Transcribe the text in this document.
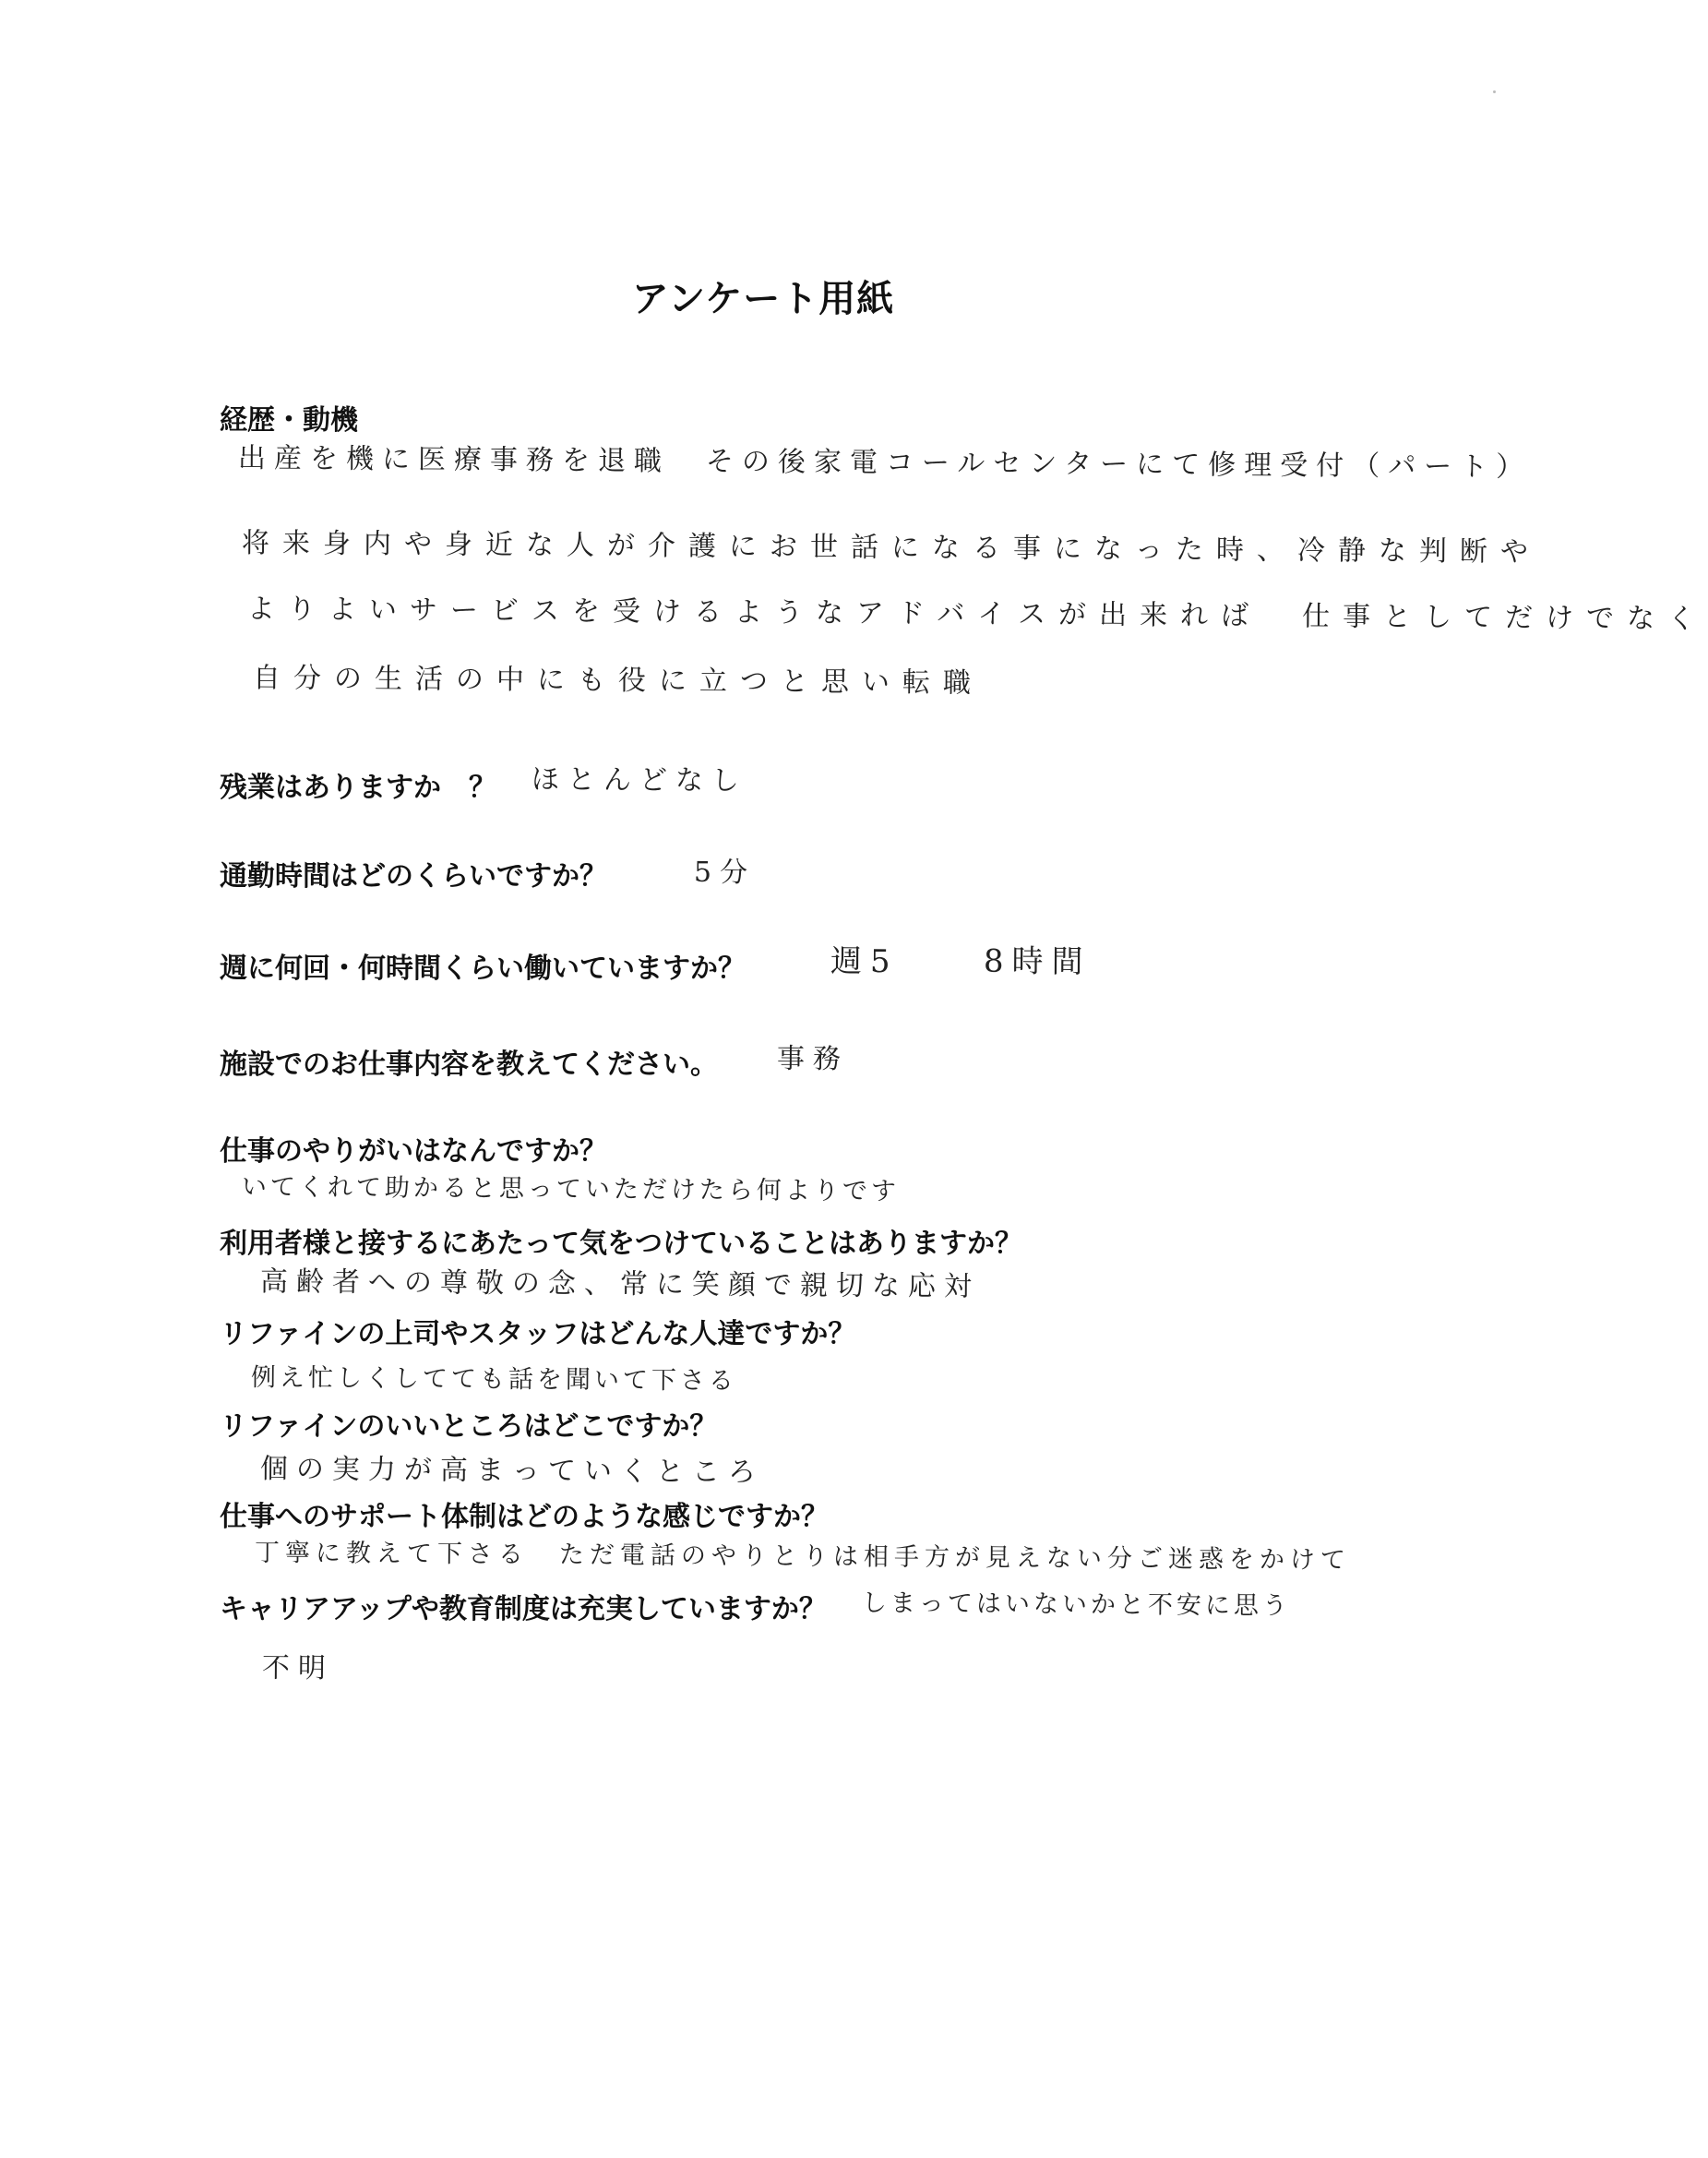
アンケート用紙
経歴・動機
出産を機に医療事務を退職　その後家電コールセンターにて修理受付（パート）
将来身内や身近な人が介護にお世話になる事になった時、冷静な判断や
よりよいサービスを受けるようなアドバイスが出来れば　仕事としてだけでなく
自分の生活の中にも役に立つと思い転職
残業はありますか　？ ほとんどなし
通勤時間はどのくらいですか？	5分
週に何回・何時間くらい働いていますか？	週5	8時間
施設でのお仕事内容を教えてください。 事務
仕事のやりがいはなんですか？
いてくれて助かると思っていただけたら何よりです
利用者様と接するにあたって気をつけていることはありますか？
高齢者への尊敬の念、常に笑顔で親切な応対
リファインの上司やスタッフはどんな人達ですか？
例え忙しくしてても話を聞いて下さる
リファインのいいところはどこですか？
個の実力が高まっていくところ
仕事へのサポート体制はどのような感じですか？
丁寧に教えて下さる　ただ電話のやりとりは相手方が見えない分ご迷惑をかけて
しまってはいないかと不安に思う
キャリアアップや教育制度は充実していますか？
不明
